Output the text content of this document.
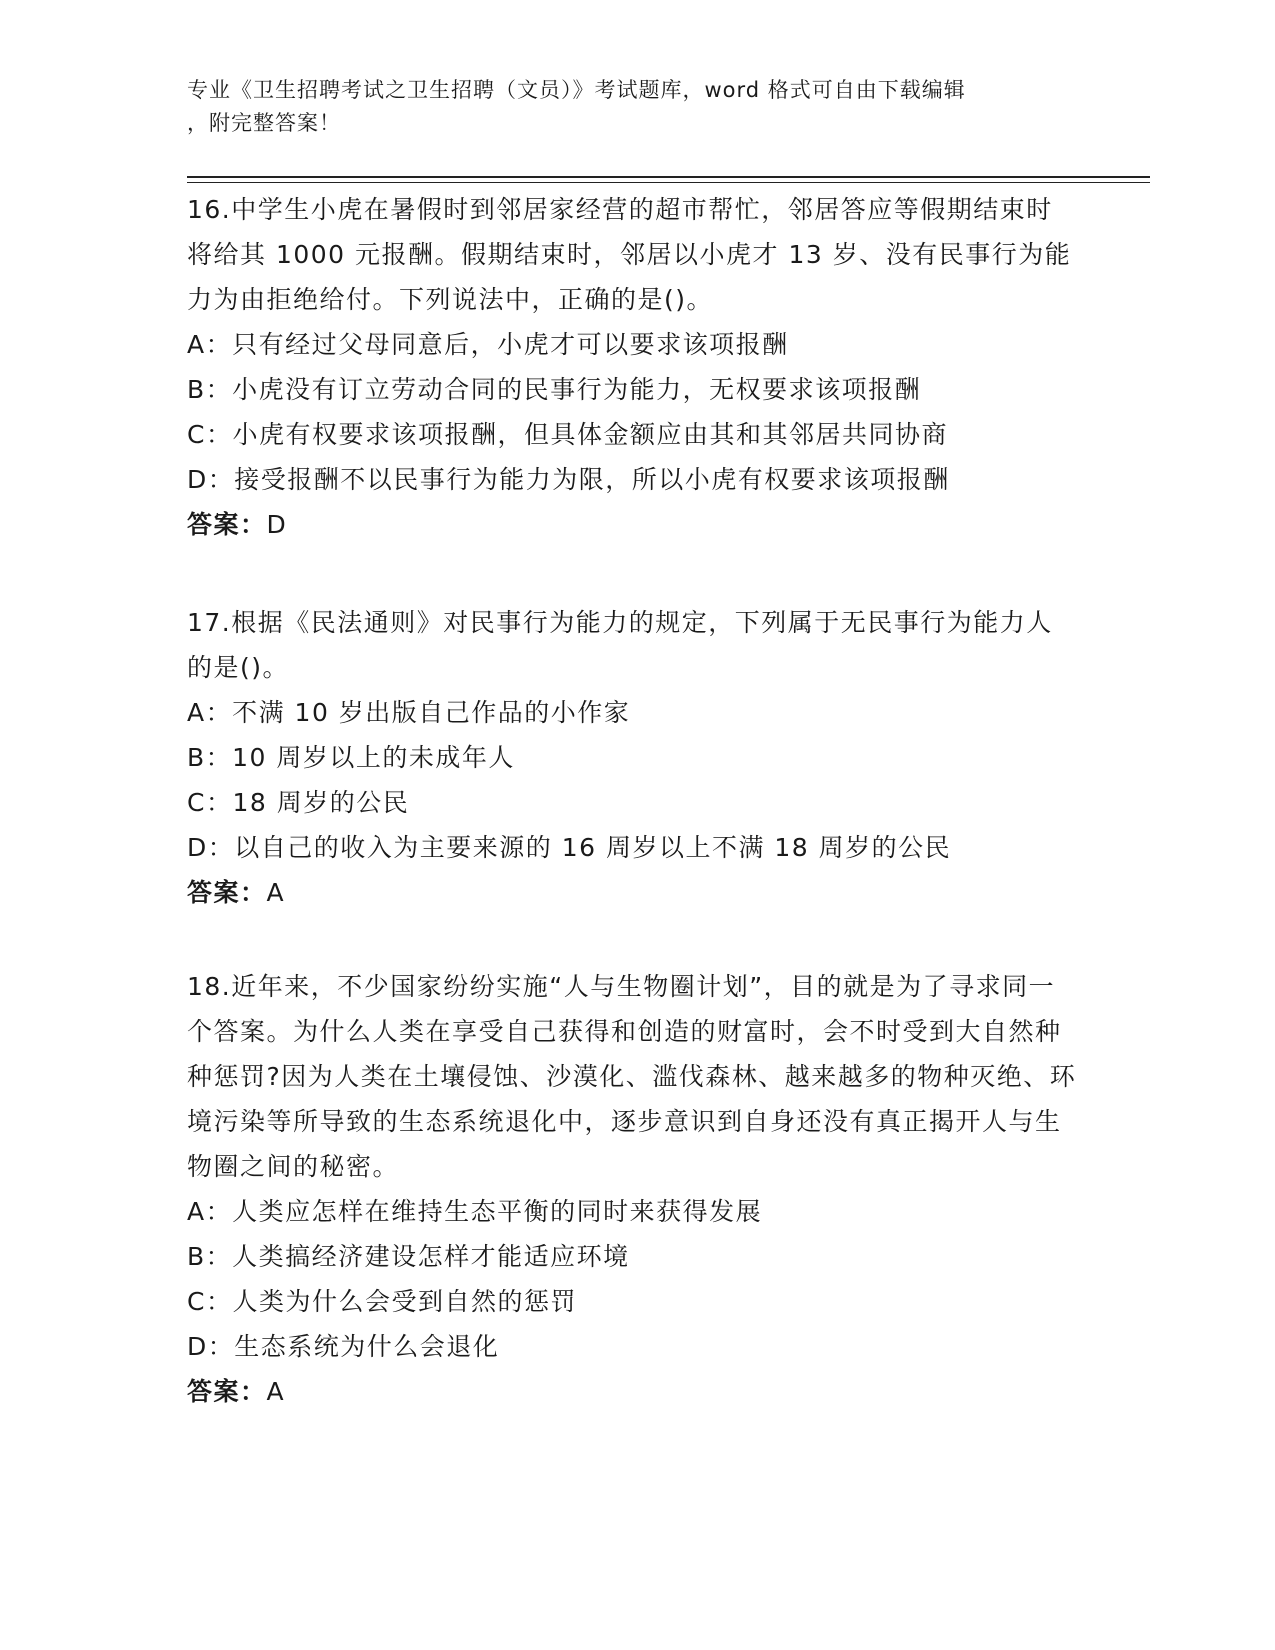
专业《卫生招聘考试之卫生招聘（文员）》考试题库，word 格式可自由下载编辑
，附完整答案！
16.中学生小虎在暑假时到邻居家经营的超市帮忙，邻居答应等假期结束时将给其 1000 元报酬。假期结束时，邻居以小虎才 13 岁、没有民事行为能力为由拒绝给付。下列说法中，正确的是()。
A：只有经过父母同意后，小虎才可以要求该项报酬
B：小虎没有订立劳动合同的民事行为能力，无权要求该项报酬
C：小虎有权要求该项报酬，但具体金额应由其和其邻居共同协商
D：接受报酬不以民事行为能力为限，所以小虎有权要求该项报酬
答案：D
17.根据《民法通则》对民事行为能力的规定，下列属于无民事行为能力人的是()。
A：不满 10 岁出版自己作品的小作家
B：10 周岁以上的未成年人
C：18 周岁的公民
D：以自己的收入为主要来源的 16 周岁以上不满 18 周岁的公民
答案：A
18.近年来，不少国家纷纷实施“人与生物圈计划”，目的就是为了寻求同一个答案。为什么人类在享受自己获得和创造的财富时，会不时受到大自然种种惩罚?因为人类在土壤侵蚀、沙漠化、滥伐森林、越来越多的物种灭绝、环境污染等所导致的生态系统退化中，逐步意识到自身还没有真正揭开人与生物圈之间的秘密。
A：人类应怎样在维持生态平衡的同时来获得发展
B：人类搞经济建设怎样才能适应环境
C：人类为什么会受到自然的惩罚
D：生态系统为什么会退化
答案：A
